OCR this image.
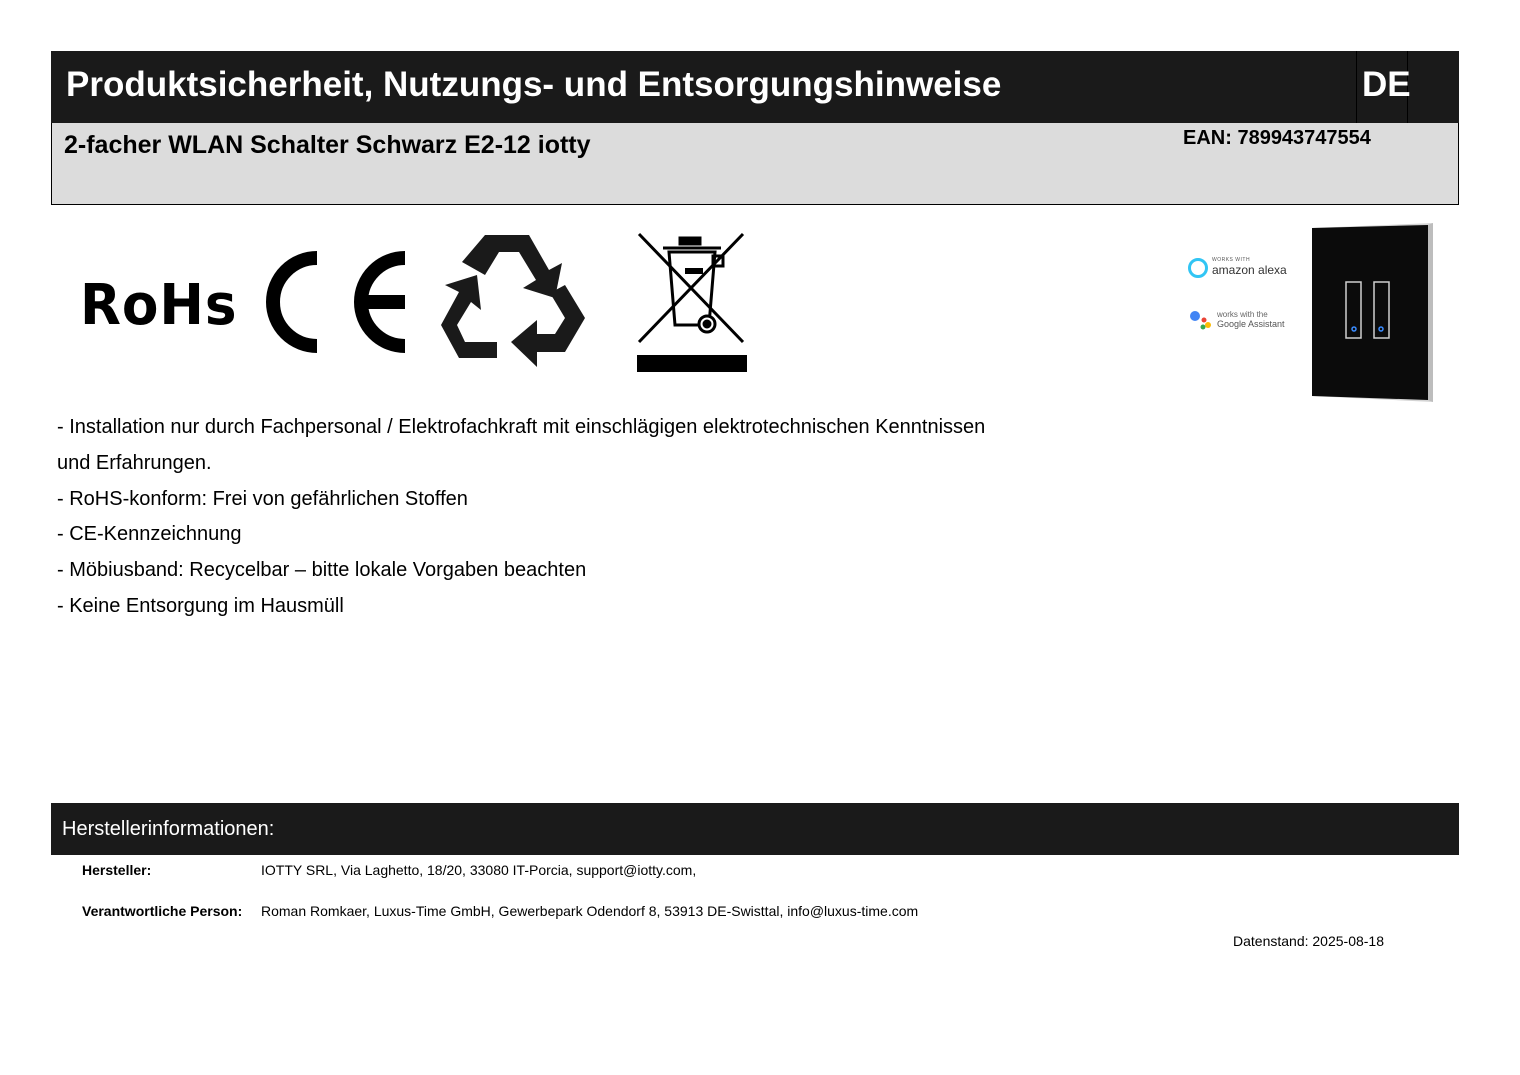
Produktsicherheit, Nutzungs- und Entsorgungshinweise	DE
2-facher WLAN Schalter Schwarz E2-12 iotty	EAN: 789943747554
RoHs
WORKS WITH
amazon alexa
works with the
Google Assistant
- Installation nur durch Fachpersonal / Elektrofachkraft mit einschlägigen elektrotechnischen Kenntnissen
und Erfahrungen.
- RoHS-konform: Frei von gefährlichen Stoffen
- CE-Kennzeichnung
- Möbiusband: Recycelbar – bitte lokale Vorgaben beachten
- Keine Entsorgung im Hausmüll
Herstellerinformationen:
Hersteller:	IOTTY SRL, Via Laghetto, 18/20, 33080 IT-Porcia, support@iotty.com,
Verantwortliche Person: Roman Romkaer, Luxus-Time GmbH, Gewerbepark Odendorf 8, 53913 DE-Swisttal, info@luxus-time.com
Datenstand: 2025-08-18
